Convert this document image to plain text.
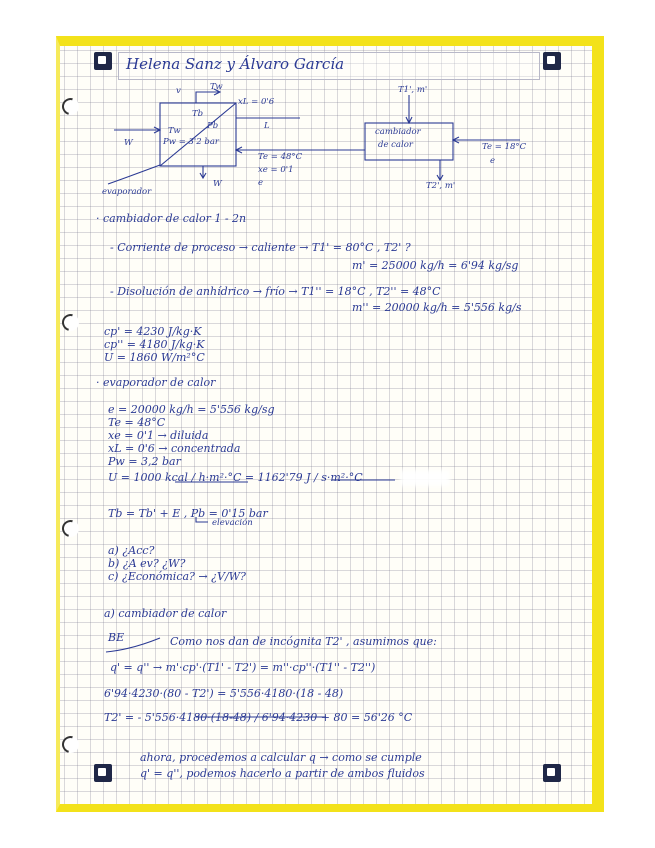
Helena Sanz y Álvaro García
v	Tw
Tb
Pb
Tw
Pw = 3'2 bar
xL = 0'6
L
W
W
Te = 48°C
xe = 0'1
e
evaporador
cambiador
de calor
T1', m'
T2', m'
Te = 18°C
e
· cambiador de calor 1 - 2n
- Corriente de proceso → caliente → T1' = 80°C , T2' ?
m' = 25000 kg/h = 6'94 kg/sg
- Disolución de anhídrico → frío → T1'' = 18°C , T2'' = 48°C
m'' = 20000 kg/h = 5'556 kg/s
cp' = 4230 J/kg·K
cp'' = 4180 J/kg·K
U = 1860 W/m²°C
· evaporador de calor
e = 20000 kg/h = 5'556 kg/sg
Te = 48°C
xe = 0'1 → diluida
xL = 0'6 → concentrada
Pw = 3,2 bar
U = 1000 kcal / h·m²·°C = 1162'79 J / s·m²·°C
Tb = Tb' + E , Pb = 0'15 bar
elevación
a) ¿Acc?
b) ¿A ev? ¿W?
c) ¿Económica? → ¿V/W?
a) cambiador de calor
BE	Como nos dan de incógnita T2' , asumimos que:
q' = q'' → m'·cp'·(T1' - T2') = m''·cp''·(T1'' - T2'')
6'94·4230·(80 - T2') = 5'556·4180·(18 - 48)
T2' = - 5'556·4180·(18-48) / 6'94·4230 + 80 = 56'26 °C
ahora, procedemos a calcular q → como se cumple
q' = q'', podemos hacerlo a partir de ambos fluidos
